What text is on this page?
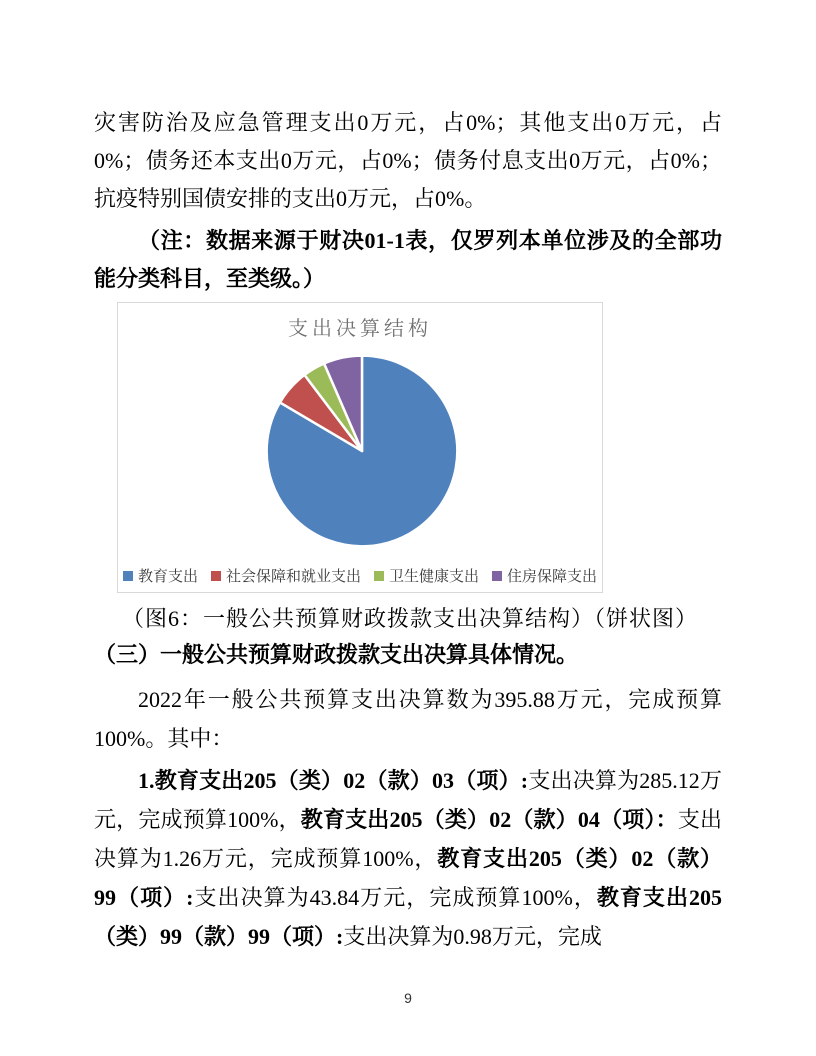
灾害防治及应急管理支出0万元，占0%；其他支出0万元，占0%；债务还本支出0万元，占0%；债务付息支出0万元，占0%；抗疫特别国债安排的支出0万元，占0%。

（注：数据来源于财决01-1表，仅罗列本单位涉及的全部功能分类科目，至类级。）

支出决算结构
教育支出 社会保障和就业支出 卫生健康支出 住房保障支出

（图6：一般公共预算财政拨款支出决算结构）（饼状图）

（三）一般公共预算财政拨款支出决算具体情况。

2022年一般公共预算支出决算数为395.88万元，完成预算100%。其中：

1.教育支出205（类）02（款）03（项）:支出决算为285.12万元，完成预算100%，教育支出205（类）02（款）04（项）：支出决算为1.26万元，完成预算100%，教育支出205（类）02（款）99（项）:支出决算为43.84万元，完成预算100%，教育支出205（类）99（款）99（项）:支出决算为0.98万元，完成

9
